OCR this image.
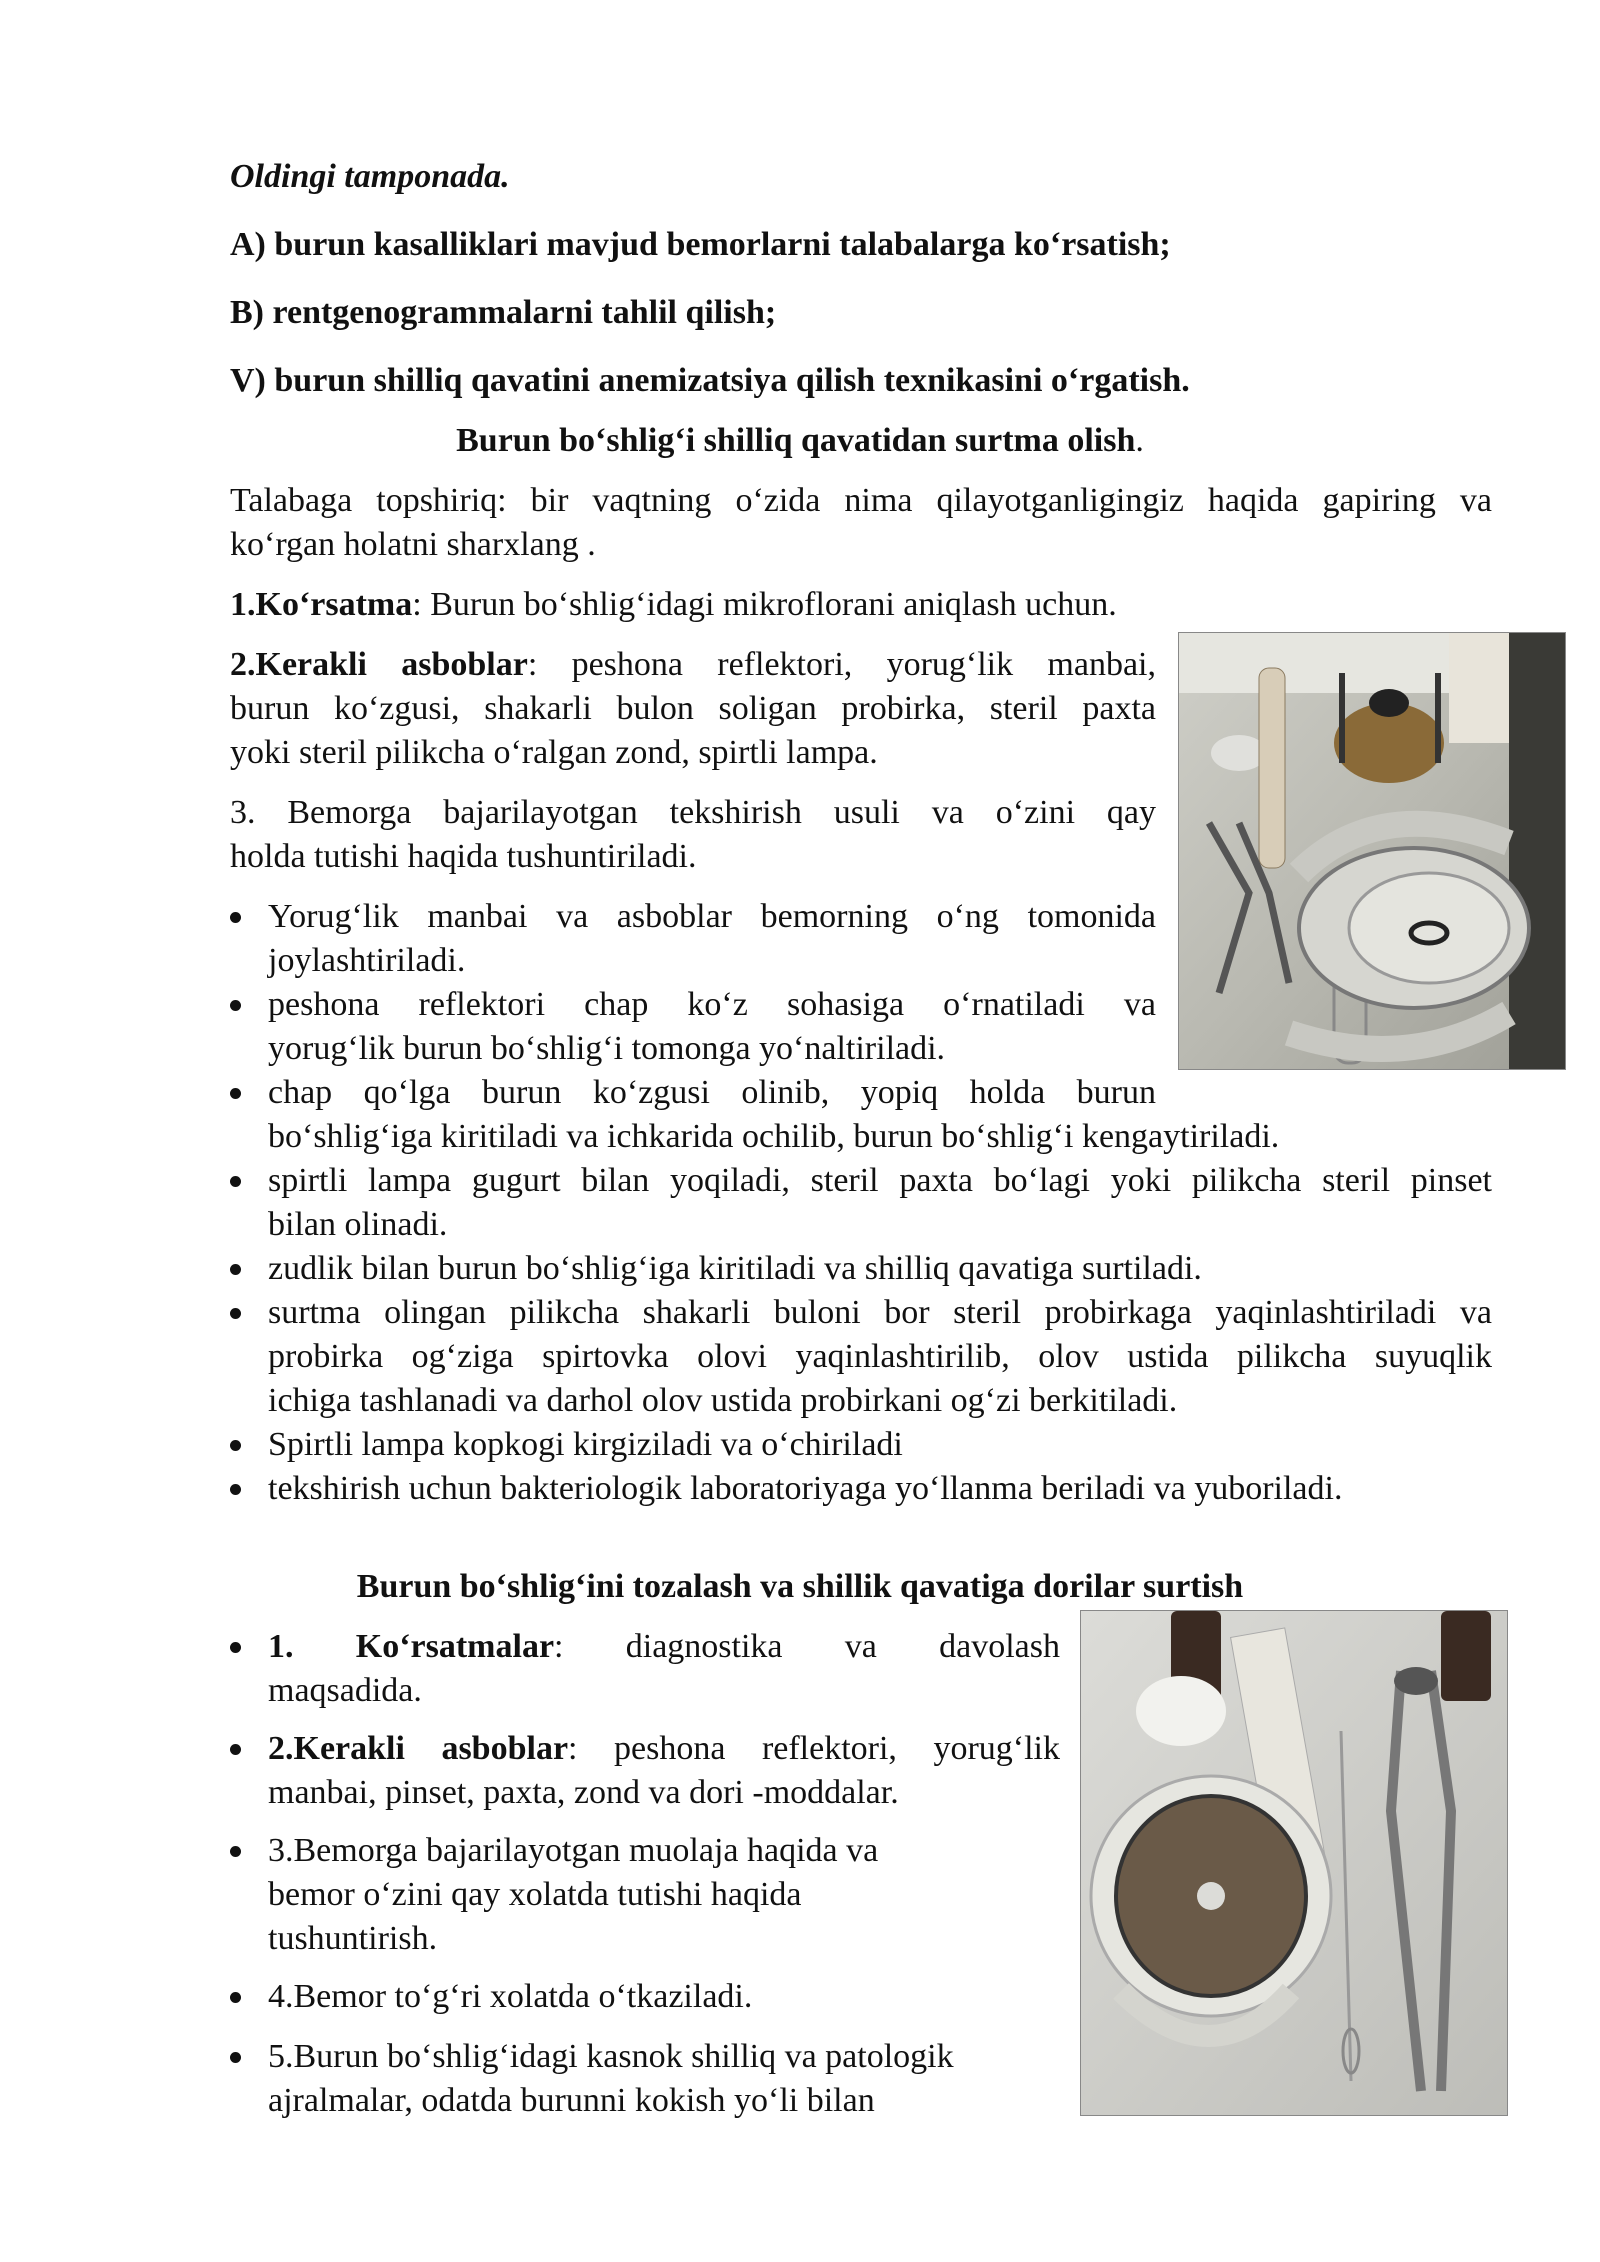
Oldingi tamponada.
A) burun kasalliklari mavjud bemorlarni talabalarga ko‘rsatish;
B) rentgenogrammalarni tahlil qilish;
V) burun shilliq qavatini anemizatsiya qilish texnikasini o‘rgatish.
Burun bo‘shlig‘i shilliq qavatidan surtma olish.
Talabaga topshiriq: bir vaqtning o‘zida nima qilayotganligingiz haqida gapiring va
ko‘rgan holatni sharxlang .
1.Ko‘rsatma: Burun bo‘shlig‘idagi mikroflorani aniqlash uchun.
2.Kerakli asboblar: peshona reflektori, yorug‘lik manbai,
burun ko‘zgusi, shakarli bulon soligan probirka, steril paxta
yoki steril pilikcha o‘ralgan zond, spirtli lampa.
3. Bemorga bajarilayotgan tekshirish usuli va o‘zini qay
holda tutishi haqida tushuntiriladi.
Yorug‘lik manbai va asboblar bemorning o‘ng tomonida
joylashtiriladi.
peshona reflektori chap ko‘z sohasiga o‘rnatiladi va
yorug‘lik burun bo‘shlig‘i tomonga yo‘naltiriladi.
chap qo‘lga burun ko‘zgusi olinib, yopiq holda burun
bo‘shlig‘iga kiritiladi va ichkarida ochilib, burun bo‘shlig‘i kengaytiriladi.
spirtli lampa gugurt bilan yoqiladi, steril paxta bo‘lagi yoki pilikcha steril pinset
bilan olinadi.
zudlik bilan burun bo‘shlig‘iga kiritiladi va shilliq qavatiga surtiladi.
surtma olingan pilikcha shakarli buloni bor steril probirkaga yaqinlashtiriladi va
probirka og‘ziga spirtovka olovi yaqinlashtirilib, olov ustida pilikcha suyuqlik
ichiga tashlanadi va darhol olov ustida probirkani og‘zi berkitiladi.
Spirtli lampa kopkogi kirgiziladi va o‘chiriladi
tekshirish uchun bakteriologik laboratoriyaga yo‘llanma beriladi va yuboriladi.
Burun bo‘shlig‘ini tozalash va shillik qavatiga dorilar surtish
1.   Ko‘rsatmalar:   diagnostika   va   davolash
maqsadida.
2.Kerakli  asboblar:  peshona  reflektori,  yorug‘lik
manbai, pinset, paxta, zond va dori -moddalar.
3.Bemorga bajarilayotgan muolaja haqida va
bemor o‘zini qay xolatda tutishi haqida
tushuntirish.
4.Bemor to‘g‘ri xolatda o‘tkaziladi.
5.Burun bo‘shlig‘idagi kasnok shilliq va patologik
ajralmalar, odatda burunni kokish yo‘li bilan
